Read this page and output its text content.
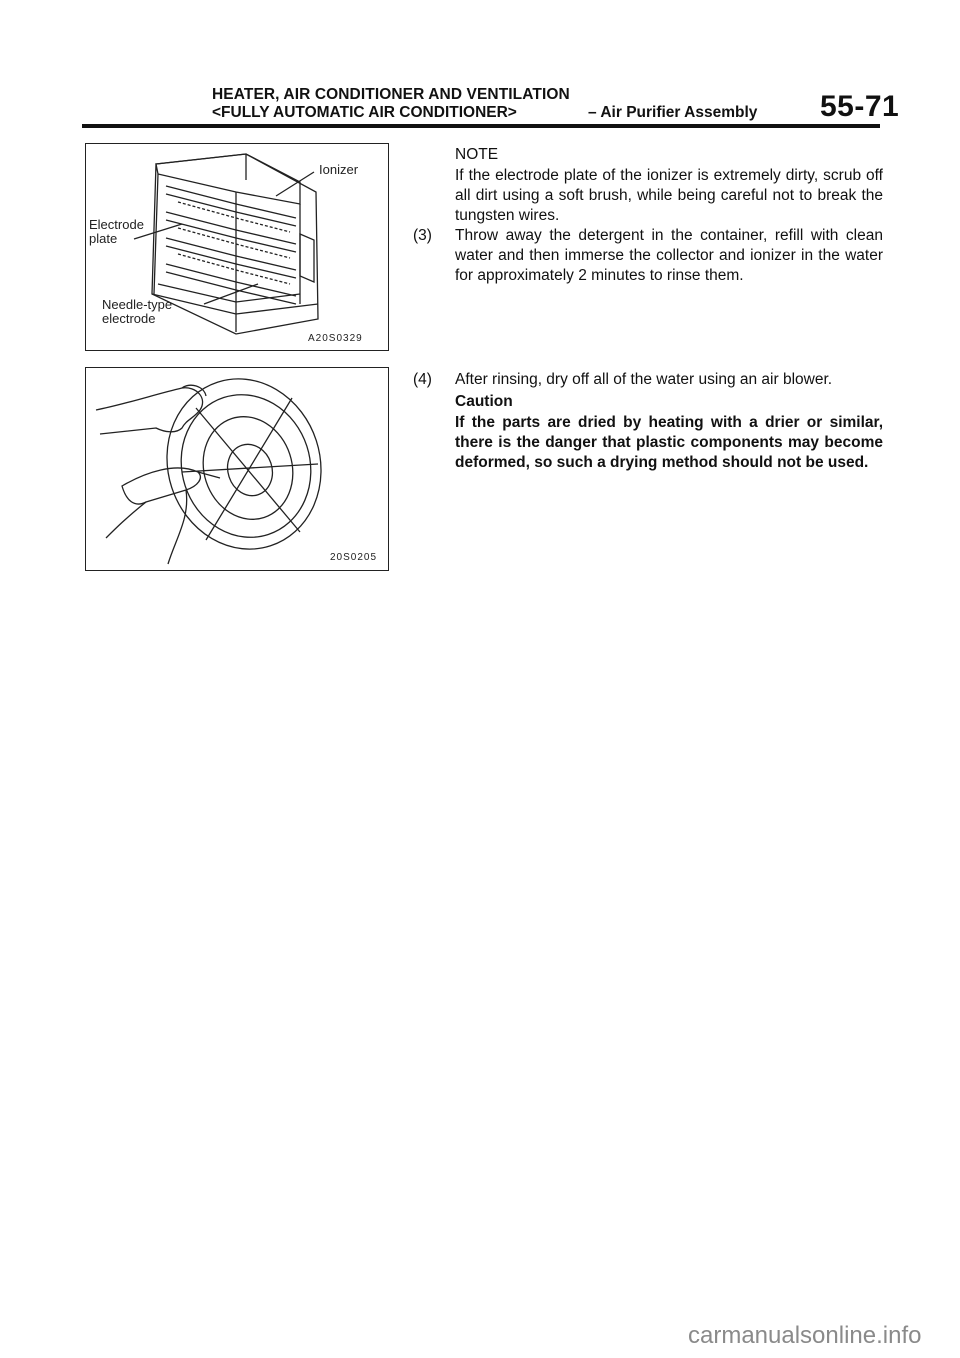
HEATER, AIR CONDITIONER AND VENTILATION
<FULLY AUTOMATIC AIR CONDITIONER>	– Air Purifier Assembly 55-71
Ionizer
Electrode
plate
Needle-type
electrode
A20S0329
20S0205
NOTE
If the electrode plate of the ionizer is extremely dirty, scrub off all dirt using a soft brush, while being careful not to break the tungsten wires.
(3) Throw away the detergent in the container, refill with clean water and then immerse the collector and ionizer in the water for approximately 2 minutes to rinse them.
(4) After rinsing, dry off all of the water using an air blower.
Caution
If the parts are dried by heating with a drier or similar, there is the danger that plastic components may become deformed, so such a drying method should not be used.
carmanualsonline.info
